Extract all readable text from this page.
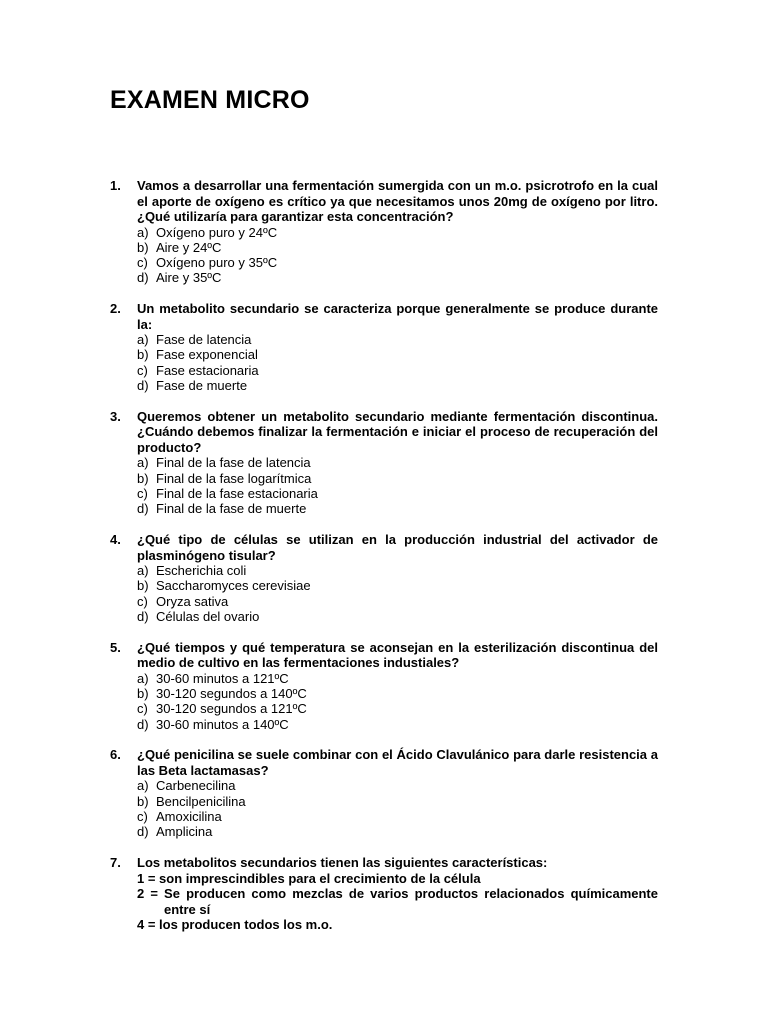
EXAMEN MICRO
1. Vamos a desarrollar una fermentación sumergida con un m.o. psicrotrofo en la cual el aporte de oxígeno es crítico ya que necesitamos unos 20mg de oxígeno por litro. ¿Qué utilizaría para garantizar esta concentración?
a) Oxígeno puro y 24ºC
b) Aire y 24ºC
c) Oxígeno puro y 35ºC
d) Aire y 35ºC
2. Un metabolito secundario se caracteriza porque generalmente se produce durante la:
a) Fase de latencia
b) Fase exponencial
c) Fase estacionaria
d) Fase de muerte
3. Queremos obtener un metabolito secundario mediante fermentación discontinua. ¿Cuándo debemos finalizar la fermentación e iniciar el proceso de recuperación del producto?
a) Final de la fase de latencia
b) Final de la fase logarítmica
c) Final de la fase estacionaria
d) Final de la fase de muerte
4. ¿Qué tipo de células se utilizan en la producción industrial del activador de plasminógeno tisular?
a) Escherichia coli
b) Saccharomyces cerevisiae
c) Oryza sativa
d) Células del ovario
5. ¿Qué tiempos y qué temperatura se aconsejan en la esterilización discontinua del medio de cultivo en las fermentaciones industiales?
a) 30-60 minutos a 121ºC
b) 30-120 segundos a 140ºC
c) 30-120 segundos a 121ºC
d) 30-60 minutos a 140ºC
6. ¿Qué penicilina se suele combinar con el Ácido Clavulánico para darle resistencia a las Beta lactamasas?
a) Carbenecilina
b) Bencilpenicilina
c) Amoxicilina
d) Amplicina
7. Los metabolitos secundarios tienen las siguientes características:
1 = son imprescindibles para el crecimiento de la célula
2 = Se producen como mezclas de varios productos relacionados químicamente entre sí
4 = los producen todos los m.o.
